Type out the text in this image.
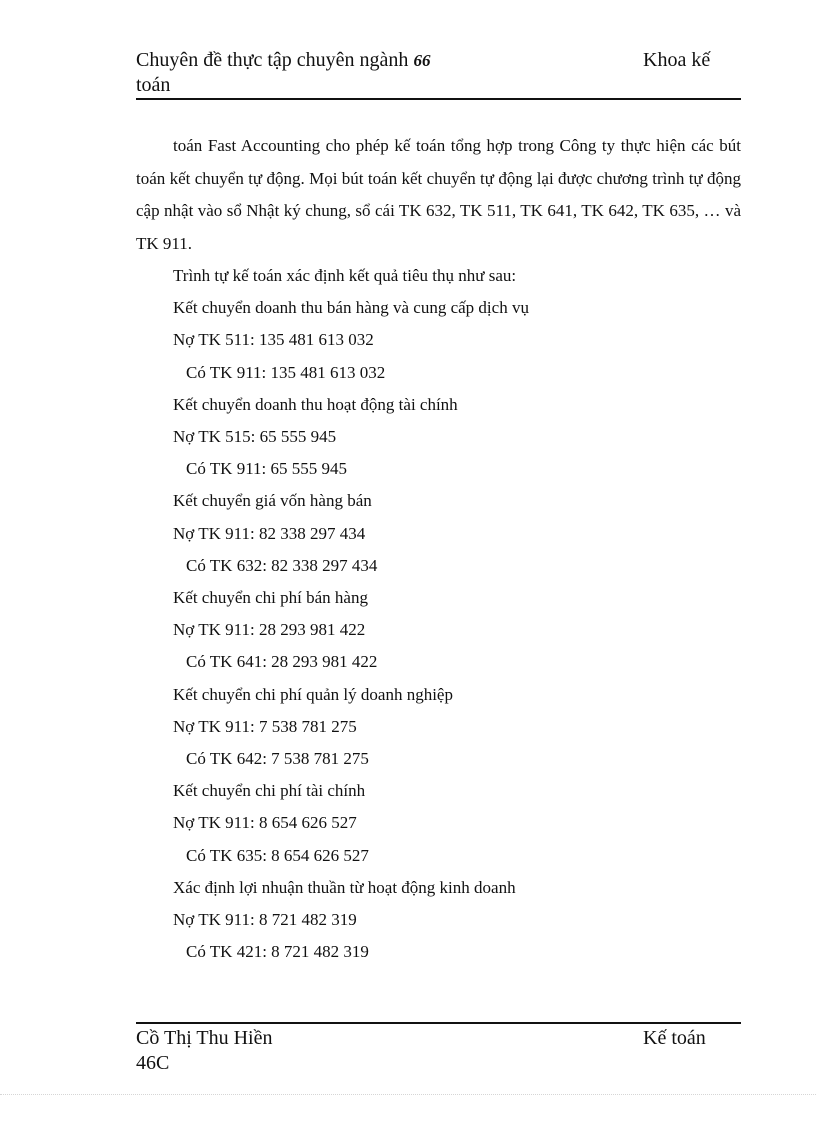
Chuyên đề thực tập chuyên ngành 66
toán
Khoa kế

toán Fast Accounting cho phép kế toán tổng hợp trong Công ty thực hiện các bút toán kết chuyển tự động. Mọi bút toán kết chuyển tự động lại được chương trình tự động cập nhật vào sổ Nhật ký chung, sổ cái TK 632, TK 511, TK 641, TK 642, TK 635, … và TK 911.

Trình tự kế toán xác định kết quả tiêu thụ như sau:

Kết chuyển doanh thu bán hàng và cung cấp dịch vụ

Nợ TK 511: 135 481 613 032

Có TK 911: 135 481 613 032

Kết chuyển doanh thu hoạt động tài chính

Nợ TK 515: 65 555 945

Có TK 911: 65 555 945

Kết chuyển giá vốn hàng bán

Nợ TK 911: 82 338 297 434

Có TK 632: 82 338 297 434

Kết chuyển chi phí bán hàng

Nợ TK 911: 28 293 981 422

Có TK 641: 28 293 981 422

Kết chuyển chi phí quản lý doanh nghiệp

Nợ TK 911: 7 538 781 275

Có TK 642: 7 538 781 275

Kết chuyển chi phí tài chính

Nợ TK 911: 8 654 626 527

Có TK 635: 8 654 626 527

Xác định lợi nhuận thuần từ hoạt động kinh doanh

Nợ TK 911: 8 721 482 319

Có TK 421: 8 721 482 319

Cồ Thị Thu Hiền
46C
Kế toán
